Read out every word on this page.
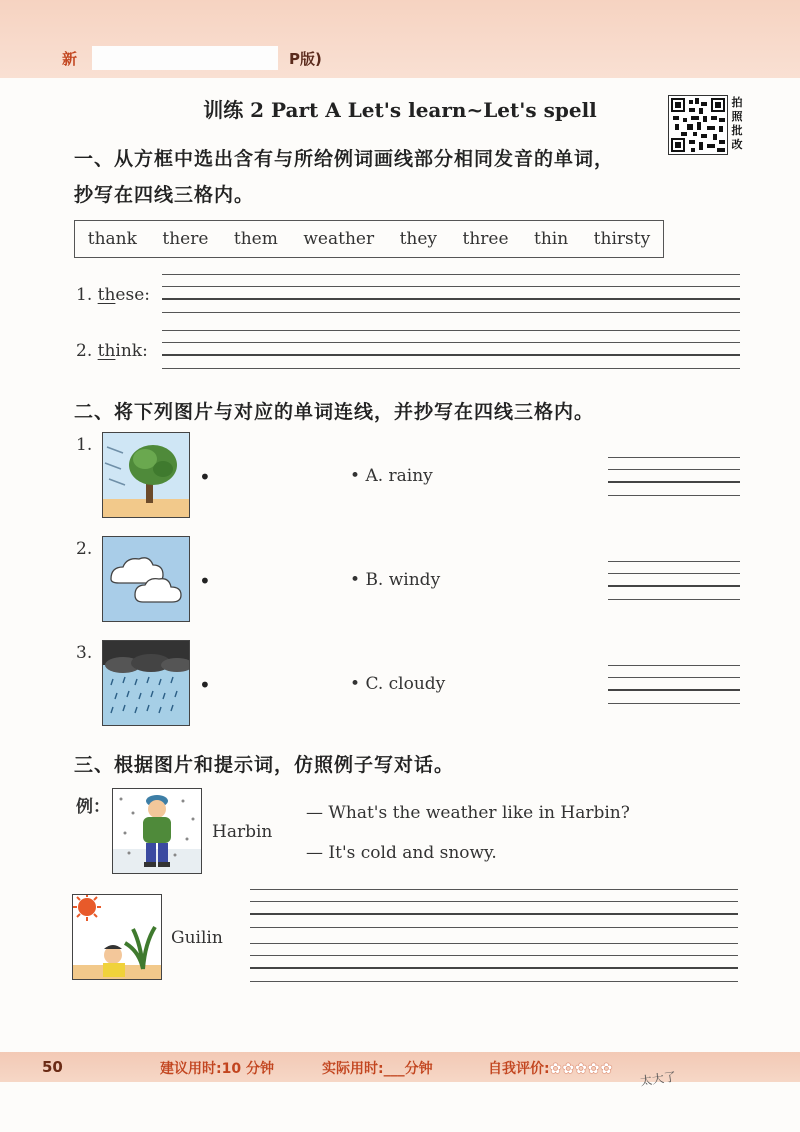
新	P版)
训练 2 Part A Let's learn~Let's spell	拍
照
批
改
一、从方框中选出含有与所给例词画线部分相同发音的单词，
抄写在四线三格内。
thank there them weather they three thin thirsty
1. these:
2. think:
二、将下列图片与对应的单词连线，并抄写在四线三格内。
1.
•	• A. rainy
2.
•	• B. windy
3.
•	• C. cloudy
三、根据图片和提示词，仿照例子写对话。
例：
Harbin
— What's the weather like in Harbin?
— It's cold and snowy.
Guilin
50	建议用时:10 分钟	实际用时:___分钟	自我评价:✿✿✿✿✿
太大了
